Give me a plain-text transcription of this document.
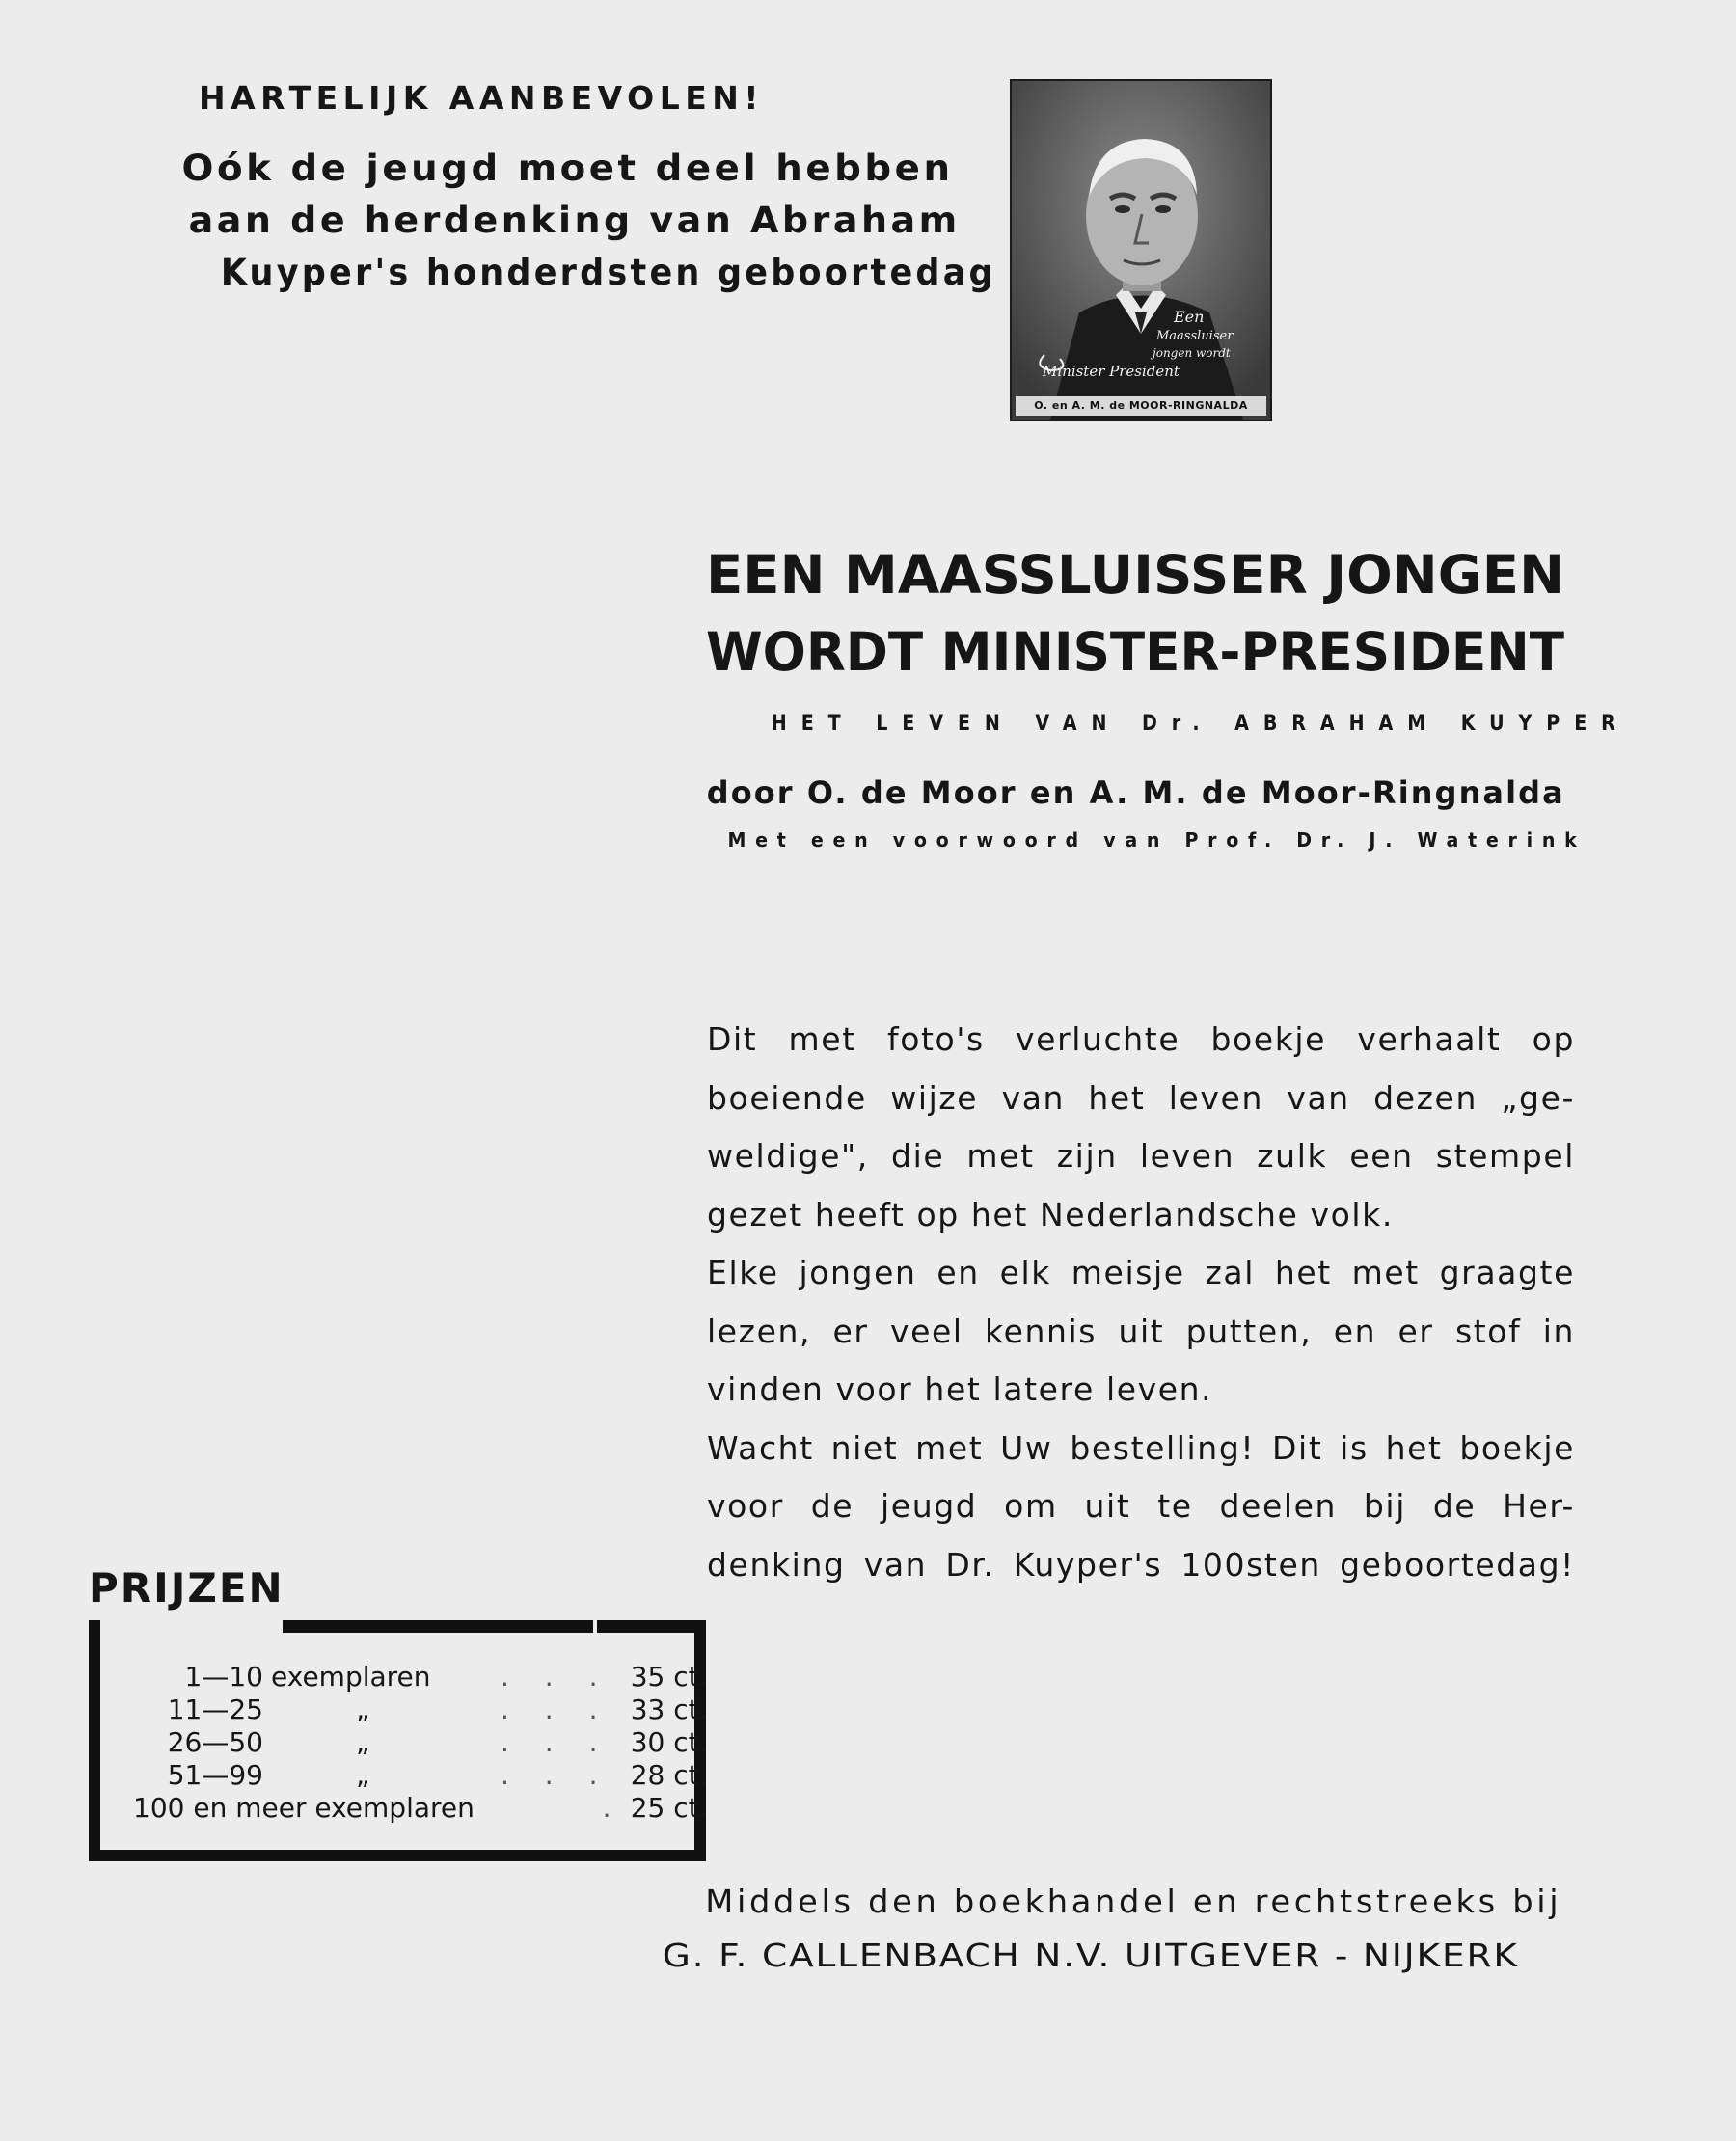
HARTELIJK AANBEVOLEN!

Oók de jeugd moet deel hebben
aan de herdenking van Abraham
Kuyper's honderdsten geboortedag

Een
Maassluiser
jongen wordt
Minister President
O. en A. M. de MOOR-RINGNALDA

EEN MAASSLUISSER JONGEN

WORDT MINISTER-PRESIDENT

HET LEVEN VAN Dr. ABRAHAM KUYPER

door O. de Moor en A. M. de Moor-Ringnalda

Met een voorwoord van Prof. Dr. J. Waterink

Dit met foto's verluchte boekje verhaalt op
boeiende wijze van het leven van dezen „ge-
weldige", die met zijn leven zulk een stempel
gezet heeft op het Nederlandsche volk.
Elke jongen en elk meisje zal het met graagte
lezen, er veel kennis uit putten, en er stof in
vinden voor het latere leven.
Wacht niet met Uw bestelling! Dit is het boekje
voor de jeugd om uit te deelen bij de Her-
denking van Dr. Kuyper's 100sten geboortedag!

PRIJZEN

1—10	exemplaren	. . .	35 ct.
11—25	„	. . .	33 ct.
26—50	„	. . .	30 ct.
51—99	„	. . .	28 ct.
100 en meer exemplaren		.	25 ct.

Middels den boekhandel en rechtstreeks bij

G. F. CALLENBACH N.V. UITGEVER - NIJKERK
